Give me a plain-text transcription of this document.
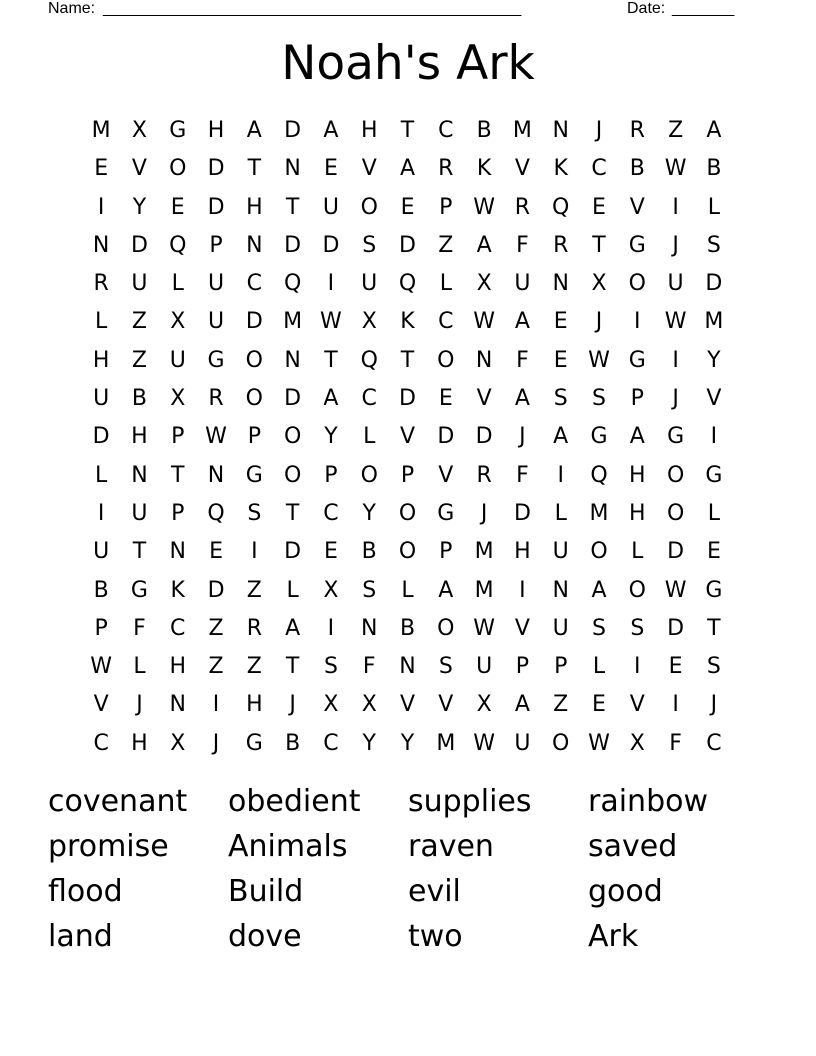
Name: _______________________________________________	Date: _______
Noah's Ark
M X	G H	A	D	A	H	T	C	B M N	J	R	Z	A
E	V	O D	T	N	E	V	A	R	K	V	K	C	B W B
I	Y	E	D H	T	U O	E	P W R Q	E	V	I	L
N D Q	P	N D D	S	D	Z	A	F	R	T	G	J	S
R	U	L	U	C Q	I	U Q	L	X	U	N	X	O U D
L	Z	X	U D M W X	K	C W A	E	J	I	W M
H	Z	U G O N	T	Q	T	O N	F	E W G	I	Y
U	B	X	R O D	A	C	D	E	V	A	S	S	P	J	V
D H	P W P	O	Y	L	V	D D	J	A	G	A	G	I
L	N	T	N G O	P	O	P	V	R	F	I	Q H O G
I	U	P	Q	S	T	C	Y	O G	J	D	L	M H O	L
U	T	N	E	I	D	E	B	O	P	M H U O	L	D	E
B	G	K	D	Z	L	X	S	L	A M	I	N	A	O W G
P	F	C	Z	R	A	I	N	B	O W V	U	S	S	D	T
W L	H	Z	Z	T	S	F	N	S	U	P	P	L	I	E	S
V	J	N	I	H	J	X	X	V	V	X	A	Z	E	V	I	J
C	H	X	J	G	B	C	Y	Y	M W U O W X	F	C
covenant	obedient	supplies	rainbow
promise	Animals	raven	saved
flood	Build	evil	good
land	dove	two	Ark
